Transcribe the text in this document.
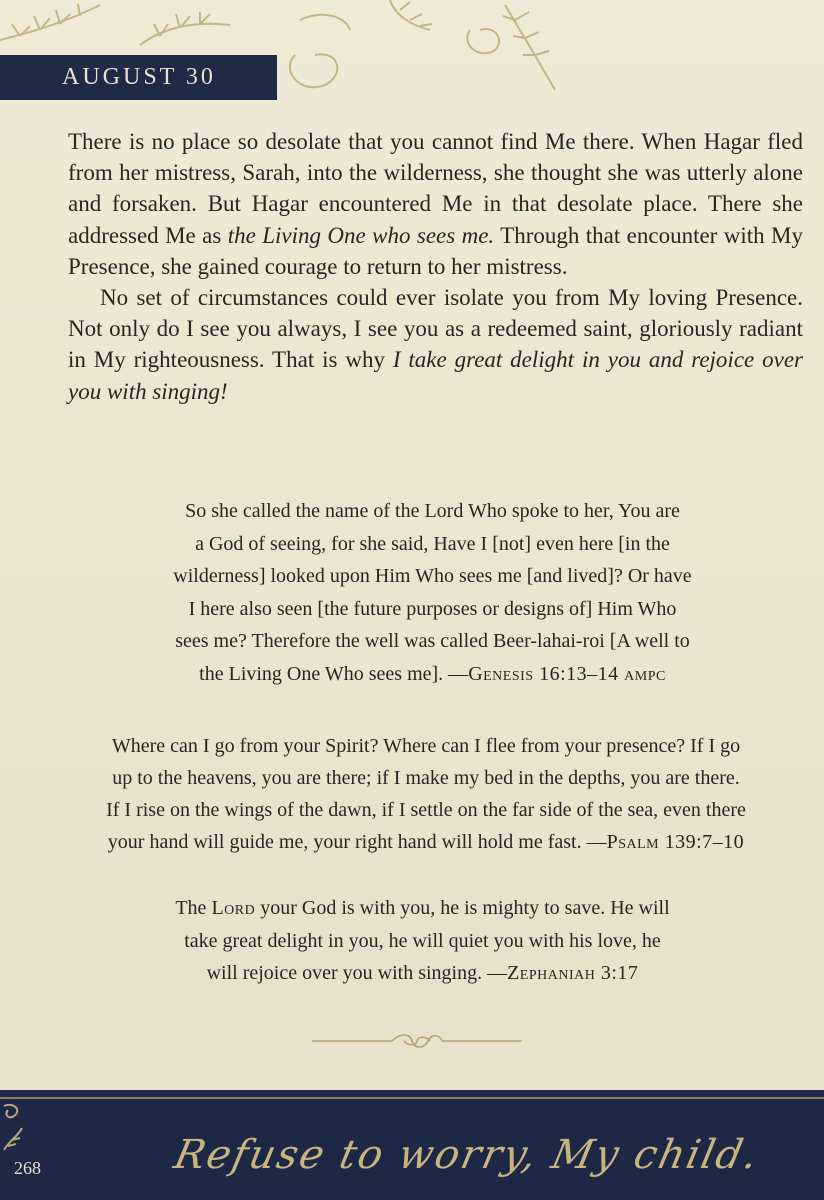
AUGUST 30

There is no place so desolate that you cannot find Me there. When Hagar fled from her mistress, Sarah, into the wilderness, she thought she was utterly alone and forsaken. But Hagar encountered Me in that desolate place. There she addressed Me as the Living One who sees me. Through that encounter with My Presence, she gained courage to return to her mistress.

No set of circumstances could ever isolate you from My loving Presence. Not only do I see you always, I see you as a redeemed saint, gloriously radiant in My righteousness. That is why I take great delight in you and rejoice over you with singing!

So she called the name of the Lord Who spoke to her, You are
a God of seeing, for she said, Have I [not] even here [in the
wilderness] looked upon Him Who sees me [and lived]? Or have
I here also seen [the future purposes or designs of] Him Who
sees me? Therefore the well was called Beer-lahai-roi [A well to
the Living One Who sees me]. —Genesis 16:13–14 ampc
Where can I go from your Spirit? Where can I flee from your presence? If I go
up to the heavens, you are there; if I make my bed in the depths, you are there.
If I rise on the wings of the dawn, if I settle on the far side of the sea, even there
your hand will guide me, your right hand will hold me fast. —Psalm 139:7–10
The Lord your God is with you, he is mighty to save. He will
take great delight in you, he will quiet you with his love, he
will rejoice over you with singing. —Zephaniah 3:17
268	Refuse to worry, My child.
